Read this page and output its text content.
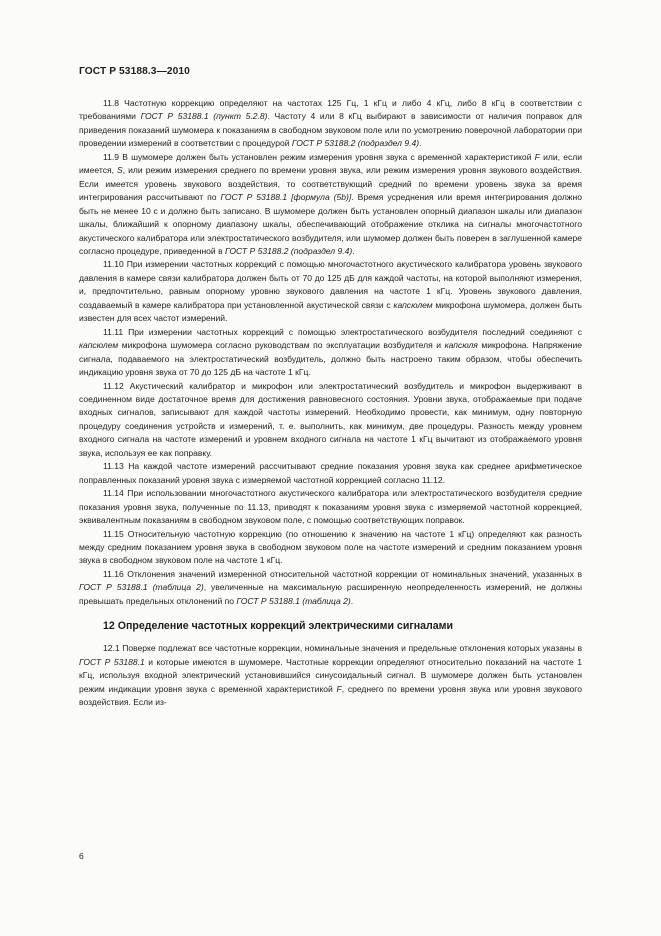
ГОСТ Р 53188.3—2010

11.8 Частотную коррекцию определяют на частотах 125 Гц, 1 кГц и либо 4 кГц, либо 8 кГц в соответствии с требованиями ГОСТ Р 53188.1 (пункт 5.2.8). Частоту 4 или 8 кГц выбирают в зависимости от наличия поправок для приведения показаний шумомера к показаниям в свободном звуковом поле или по усмотрению поверочной лаборатории при проведении измерений в соответствии с процедурой ГОСТ Р 53188.2 (подраздел 9.4).

11.9 В шумомере должен быть установлен режим измерения уровня звука с временной характеристикой F или, если имеется, S, или режим измерения среднего по времени уровня звука, или режим измерения уровня звукового воздействия. Если имеется уровень звукового воздействия, то соответствующий средний по времени уровень звука за время интегрирования рассчитывают по ГОСТ Р 53188.1 [формула (5b)]. Время усреднения или время интегрирования должно быть не менее 10 с и должно быть записано. В шумомере должен быть установлен опорный диапазон шкалы или диапазон шкалы, ближайший к опорному диапазону шкалы, обеспечивающий отображение отклика на сигналы многочастотного акустического калибратора или электростатического возбудителя, или шумомер должен быть поверен в заглушенной камере согласно процедуре, приведенной в ГОСТ Р 53188.2 (подраздел 9.4).

11.10 При измерении частотных коррекций с помощью многочастотного акустического калибратора уровень звукового давления в камере связи калибратора должен быть от 70 до 125 дБ для каждой частоты, на которой выполняют измерения, и, предпочтительно, равным опорному уровню звукового давления на частоте 1 кГц. Уровень звукового давления, создаваемый в камере калибратора при установленной акустической связи с капсюлем микрофона шумомера, должен быть известен для всех частот измерений.

11.11 При измерении частотных коррекций с помощью электростатического возбудителя последний соединяют с капсюлем микрофона шумомера согласно руководствам по эксплуатации возбудителя и капсюля микрофона. Напряжение сигнала, подаваемого на электростатический возбудитель, должно быть настроено таким образом, чтобы обеспечить индикацию уровня звука от 70 до 125 дБ на частоте 1 кГц.

11.12 Акустический калибратор и микрофон или электростатический возбудитель и микрофон выдерживают в соединенном виде достаточное время для достижения равновесного состояния. Уровни звука, отображаемые при подаче входных сигналов, записывают для каждой частоты измерений. Необходимо провести, как минимум, одну повторную процедуру соединения устройств и измерений, т. е. выполнить, как минимум, две процедуры. Разность между уровнем входного сигнала на частоте измерений и уровнем входного сигнала на частоте 1 кГц вычитают из отображаемого уровня звука, используя ее как поправку.

11.13 На каждой частоте измерений рассчитывают средние показания уровня звука как среднее арифметическое поправленных показаний уровня звука с измеряемой частотной коррекцией согласно 11.12.

11.14 При использовании многочастотного акустического калибратора или электростатического возбудителя средние показания уровня звука, полученные по 11.13, приводят к показаниям уровня звука с измеряемой частотной коррекцией, эквивалентным показаниям в свободном звуковом поле, с помощью соответствующих поправок.

11.15 Относительную частотную коррекцию (по отношению к значению на частоте 1 кГц) определяют как разность между средним показанием уровня звука в свободном звуковом поле на частоте измерений и средним показанием уровня звука в свободном звуковом поле на частоте 1 кГц.

11.16 Отклонения значений измеренной относительной частотной коррекции от номинальных значений, указанных в ГОСТ Р 53188.1 (таблица 2), увеличенные на максимальную расширенную неопределенность измерений, не должны превышать предельных отклонений по ГОСТ Р 53188.1 (таблица 2).

12 Определение частотных коррекций электрическими сигналами

12.1 Поверке подлежат все частотные коррекции, номинальные значения и предельные отклонения которых указаны в ГОСТ Р 53188.1 и которые имеются в шумомере. Частотные коррекции определяют относительно показаний на частоте 1 кГц, используя входной электрический установившийся синусоидальный сигнал. В шумомере должен быть установлен режим индикации уровня звука с временной характеристикой F, среднего по времени уровня звука или уровня звукового воздействия. Если из-

6
